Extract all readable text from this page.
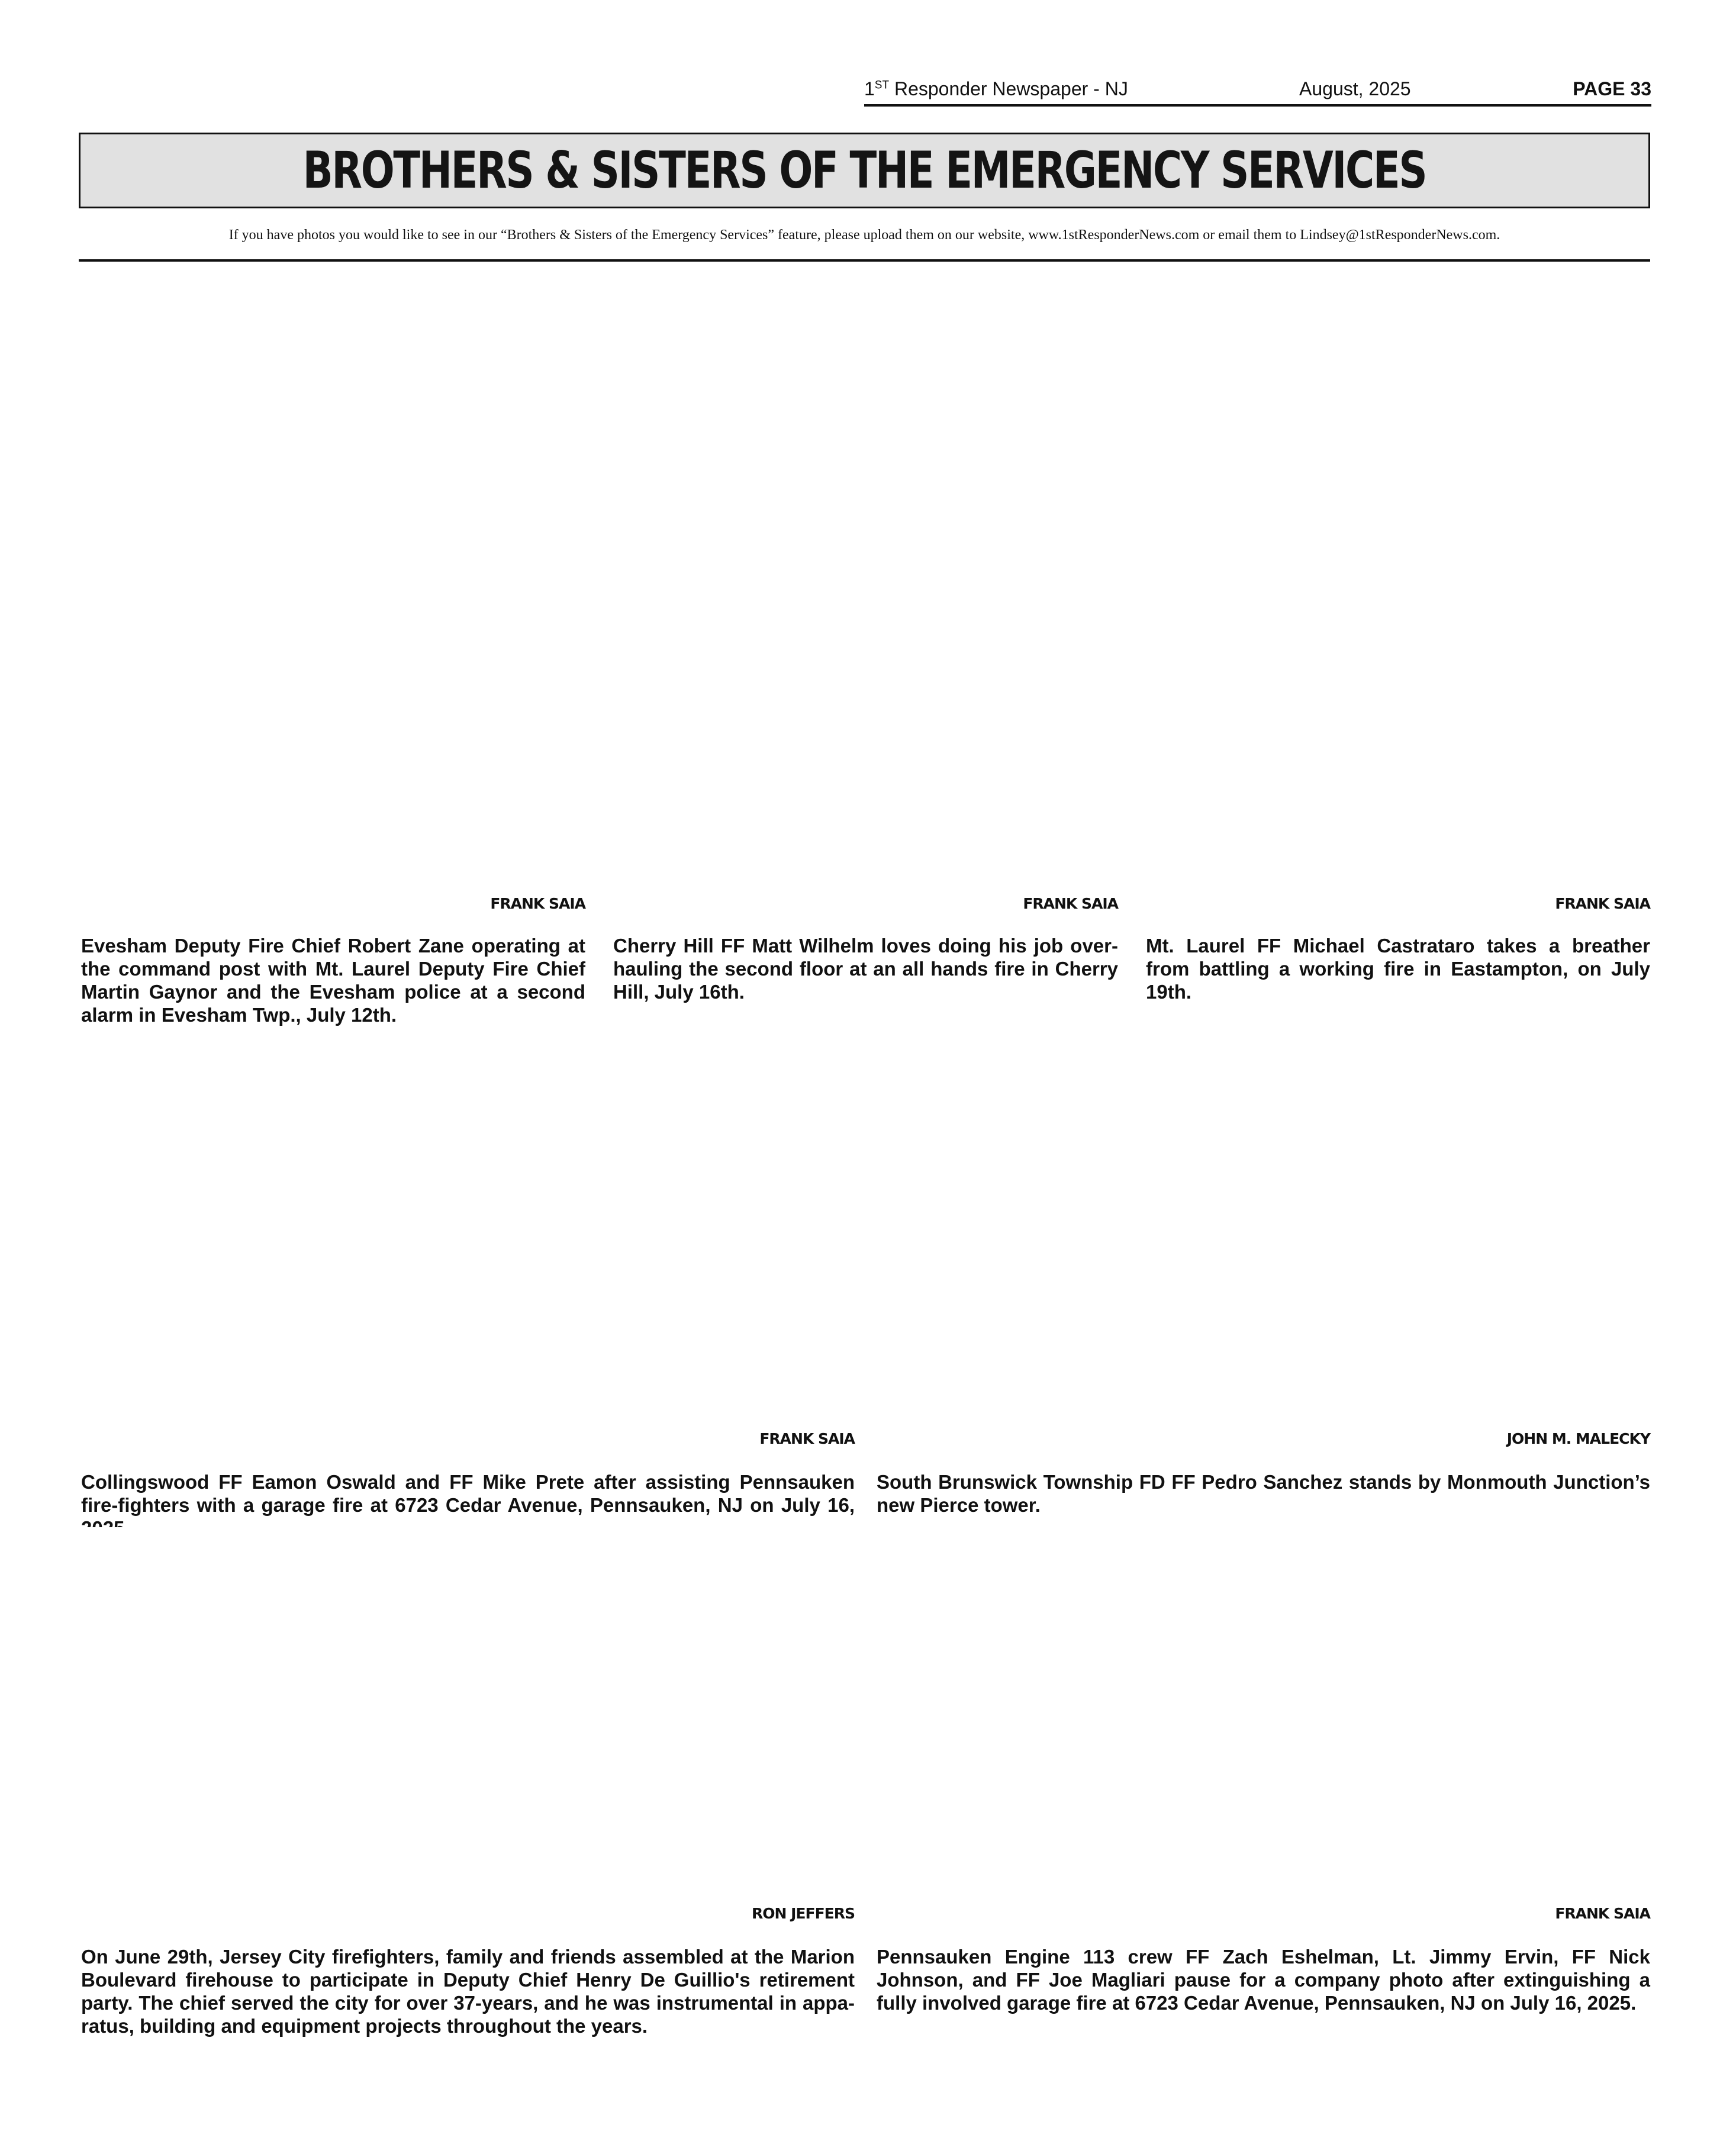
1ST Responder Newspaper - NJ	August, 2025	PAGE 33
BROTHERS & SISTERS OF THE EMERGENCY SERVICES
If you have photos you would like to see in our “Brothers & Sisters of the Emergency Services” feature, please upload them on our website, www.1stResponderNews.com or email them to Lindsey@1stResponderNews.com.
FRANK SAIA

Evesham Deputy Fire Chief Robert Zane operating at the command post with Mt. Laurel Deputy Fire Chief Martin Gaynor and the Evesham police at a second alarm in Evesham Twp., July 12th.

FRANK SAIA

Cherry Hill FF Matt Wilhelm loves doing his job over-hauling the second floor at an all hands fire in Cherry Hill, July 16th.

FRANK SAIA

Mt. Laurel FF Michael Castrataro takes a breather from battling a working fire in Eastampton, on July 19th.

FRANK SAIA

Collingswood FF Eamon Oswald and FF Mike Prete after assisting Pennsauken fire-fighters with a garage fire at 6723 Cedar Avenue, Pennsauken, NJ on July 16,

JOHN M. MALECKY

South Brunswick Township FD FF Pedro Sanchez stands by Monmouth Junction’s new Pierce tower.

RON JEFFERS

On June 29th, Jersey City firefighters, family and friends assembled at the Marion Boulevard firehouse to participate in Deputy Chief Henry De Guillio's retirement party. The chief served the city for over 37-years, and he was instrumental in appa-ratus, building and equipment projects throughout the years.

FRANK SAIA

Pennsauken Engine 113 crew FF Zach Eshelman, Lt. Jimmy Ervin, FF Nick Johnson, and FF Joe Magliari pause for a company photo after extinguishing a fully involved garage fire at 6723 Cedar Avenue, Pennsauken, NJ on July 16, 2025.
